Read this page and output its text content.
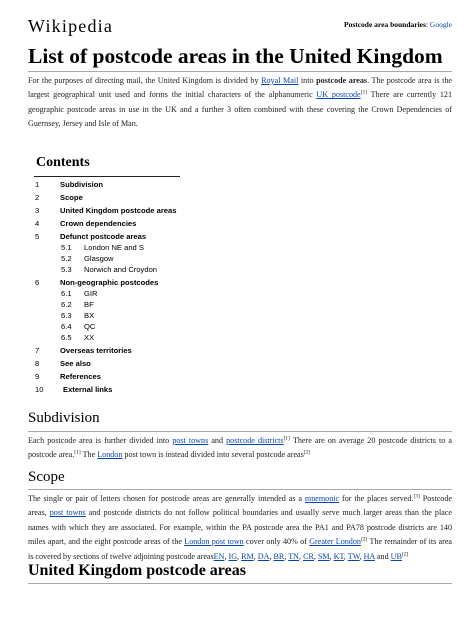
Wikipedia	Postcode area boundaries: Google
List of postcode areas in the United Kingdom
For the purposes of directing mail, the United Kingdom is divided by Royal Mail into postcode areas. The postcode area is the largest geographical unit used and forms the initial characters of the alphanumeric UK postcode[1] There are currently 121 geographic postcode areas in use in the UK and a further 3 often combined with these covering the Crown Dependencies of Guernsey, Jersey and Isle of Man.
Contents
1	Subdivision
2	Scope
3	United Kingdom postcode areas
4	Crown dependencies
5	Defunct postcode areas
5.1 London NE and S
5.2 Glasgow
5.3 Norwich and Croydon
6	Non-geographic postcodes
6.1 GIR
6.2 BF
6.3 BX
6.4 QC
6.5 XX
7	Overseas territories
8	See also
9	References
10	External links
Subdivision
Each postcode area is further divided into post towns and postcode districts[1] There are on average 20 postcode districts to a postcode area.[1] The London post town is instead divided into several postcode areas[2]
Scope
The single or pair of letters chosen for postcode areas are generally intended as a mnemonic for the places served.[3] Postcode areas, post towns and postcode districts do not follow political boundaries and usually serve much larger areas than the place names with which they are associated. For example, within the PA postcode area the PA1 and PA78 postcode districts are 140 miles apart, and the eight postcode areas of the London post town cover only 40% of Greater London[2] The remainder of its area is covered by sections of twelve adjoining postcode areasEN, IG, RM, DA, BR, TN, CR, SM, KT, TW, HA and UB[2]
United Kingdom postcode areas
